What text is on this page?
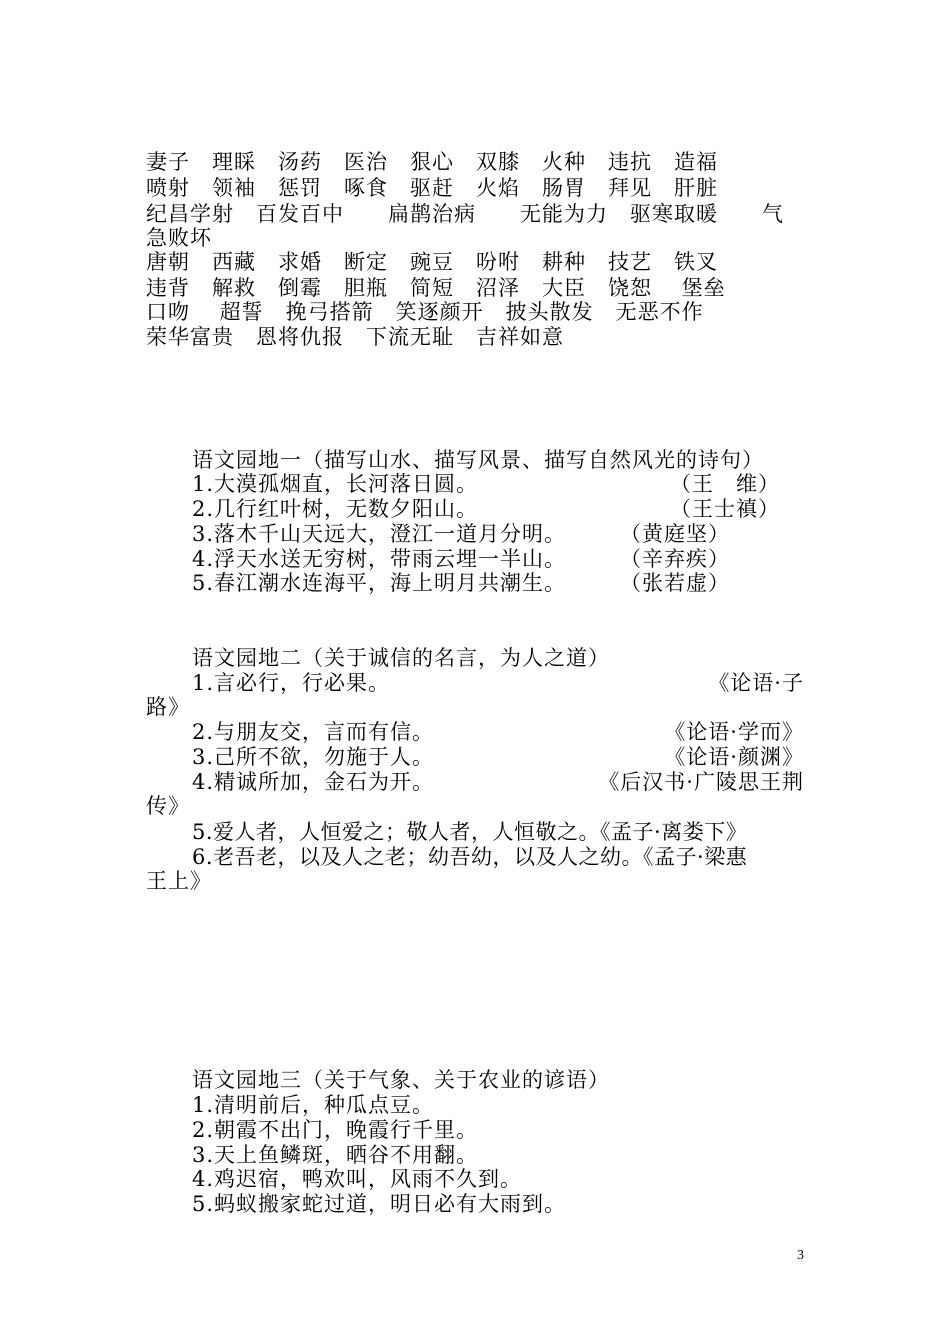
妻子　理睬　汤药　医治　狠心　双膝　火种　违抗　造福
喷射　领袖　惩罚　啄食　驱赶　火焰　肠胃　拜见　肝脏
纪昌学射　百发百中　　扁鹊治病　　无能为力　驱寒取暖　　气
急败坏
唐朝　西藏　求婚　断定　豌豆　吩咐　耕种　技艺　铁叉
违背　解救　倒霉　胆瓶　简短　沼泽　大臣　饶恕　 堡垒
口吻　 超誓　挽弓搭箭　笑逐颜开　披头散发　无恶不作
荣华富贵　恩将仇报　下流无耻　吉祥如意
语文园地一（描写山水、描写风景、描写自然风光的诗句）
1.大漠孤烟直，长河落日圆。	（王　维）
2.几行红叶树，无数夕阳山。	（王士禛）
3.落木千山天远大，澄江一道月分明。	（黄庭坚）
4.浮天水送无穷树，带雨云埋一半山。	（辛弃疾）
5.春江潮水连海平，海上明月共潮生。	（张若虚）
语文园地二（关于诚信的名言，为人之道）
1.言必行，行必果。	《论语·子
路》
2.与朋友交，言而有信。	《论语·学而》
3.己所不欲，勿施于人。	《论语·颜渊》
4.精诚所加，金石为开。	《后汉书·广陵思王荆
传》
5.爱人者，人恒爱之；敬人者，人恒敬之。《孟子·离娄下》
6.老吾老，以及人之老；幼吾幼，以及人之幼。《孟子·梁惠
王上》
语文园地三（关于气象、关于农业的谚语）
1.清明前后，种瓜点豆。
2.朝霞不出门，晚霞行千里。
3.天上鱼鳞斑，晒谷不用翻。
4.鸡迟宿，鸭欢叫，风雨不久到。
5.蚂蚁搬家蛇过道，明日必有大雨到。
3
